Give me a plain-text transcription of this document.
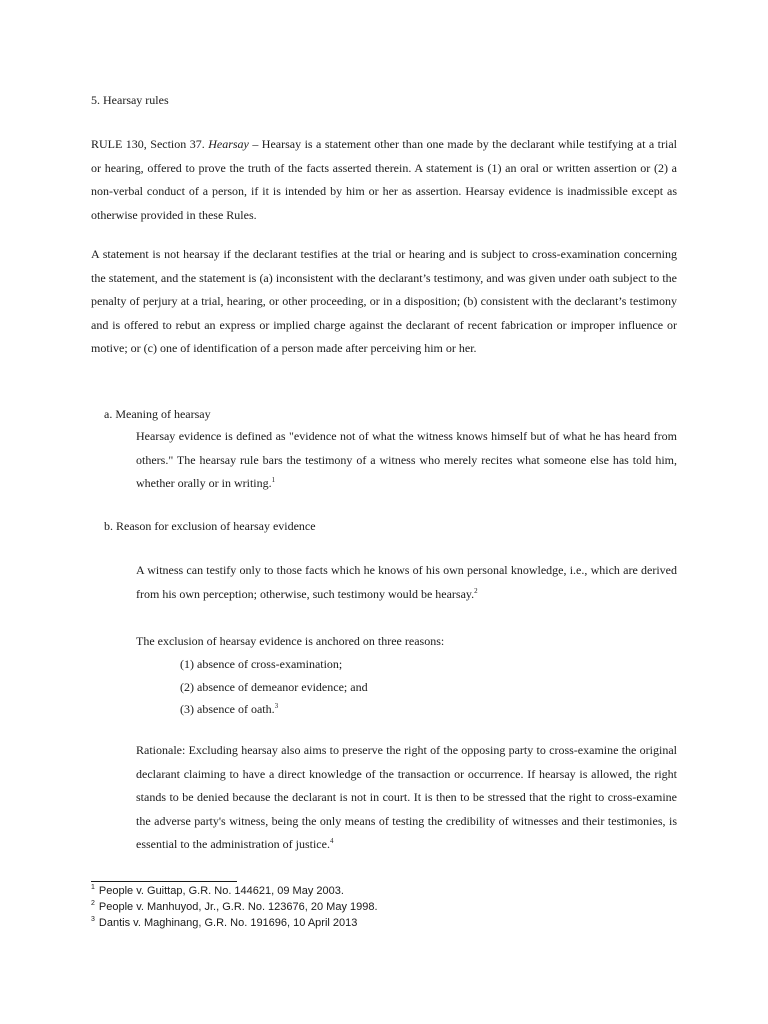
5. Hearsay rules

RULE 130, Section 37. Hearsay – Hearsay is a statement other than one made by the declarant while testifying at a trial or hearing, offered to prove the truth of the facts asserted therein. A statement is (1) an oral or written assertion or (2) a non-verbal conduct of a person, if it is intended by him or her as assertion. Hearsay evidence is inadmissible except as otherwise provided in these Rules.

A statement is not hearsay if the declarant testifies at the trial or hearing and is subject to cross-examination concerning the statement, and the statement is (a) inconsistent with the declarant’s testimony, and was given under oath subject to the penalty of perjury at a trial, hearing, or other proceeding, or in a disposition; (b) consistent with the declarant’s testimony and is offered to rebut an express or implied charge against the declarant of recent fabrication or improper influence or motive; or (c) one of identification of a person made after perceiving him or her.

a. Meaning of hearsay

Hearsay evidence is defined as "evidence not of what the witness knows himself but of what he has heard from others." The hearsay rule bars the testimony of a witness who merely recites what someone else has told him, whether orally or in writing.$^1$

b. Reason for exclusion of hearsay evidence

A witness can testify only to those facts which he knows of his own personal knowledge, i.e., which are derived from his own perception; otherwise, such testimony would be hearsay.$^2$

The exclusion of hearsay evidence is anchored on three reasons:

(1) absence of cross-examination;

(2) absence of demeanor evidence; and

(3) absence of oath.$^3$

Rationale: Excluding hearsay also aims to preserve the right of the opposing party to cross-examine the original declarant claiming to have a direct knowledge of the transaction or occurrence. If hearsay is allowed, the right stands to be denied because the declarant is not in court. It is then to be stressed that the right to cross-examine the adverse party's witness, being the only means of testing the credibility of witnesses and their testimonies, is essential to the administration of justice.$^4$

$^1$ People v. Guittap, G.R. No. 144621, 09 May 2003.

$^2$ People v. Manhuyod, Jr., G.R. No. 123676, 20 May 1998.

$^3$ Dantis v. Maghinang, G.R. No. 191696, 10 April 2013
